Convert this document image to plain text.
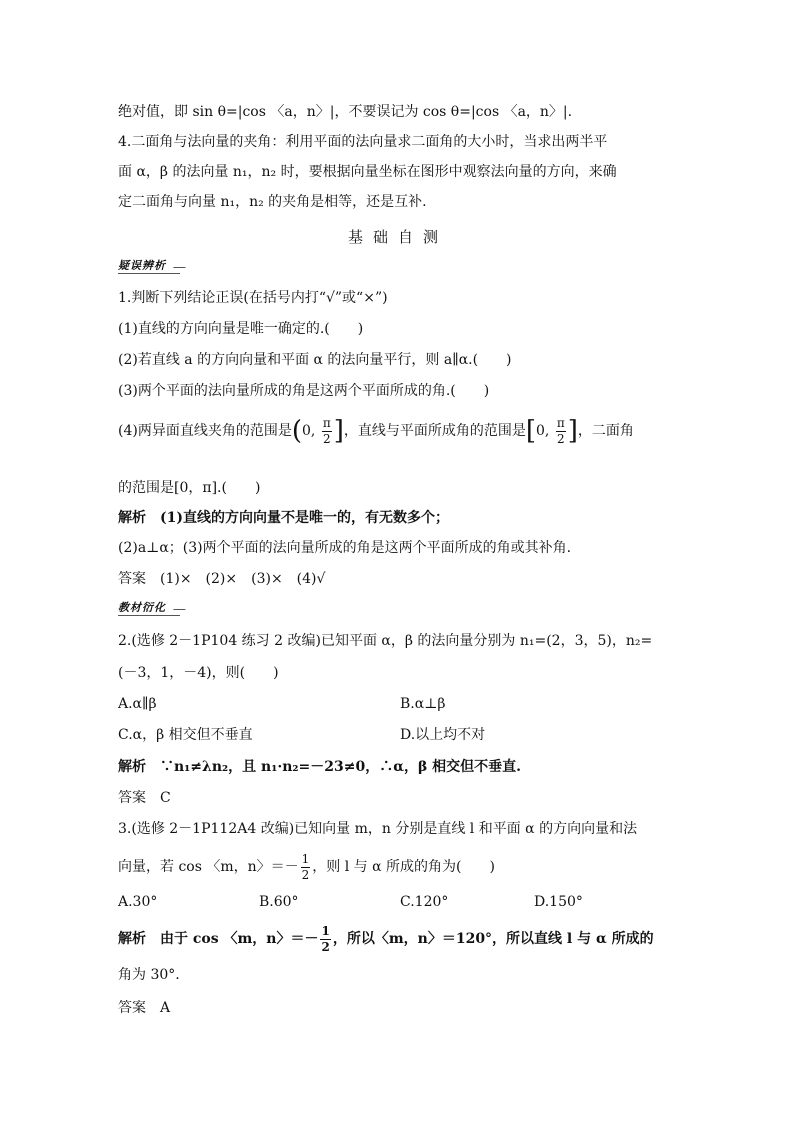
绝对值，即 sin θ=|cos 〈a，n〉|，不要误记为 cos θ=|cos 〈a，n〉|.
4.二面角与法向量的夹角：利用平面的法向量求二面角的大小时，当求出两半平
面 α，β 的法向量 n₁，n₂ 时，要根据向量坐标在图形中观察法向量的方向，来确
定二面角与向量 n₁，n₂ 的夹角是相等，还是互补.
基础自测
疑误辨析
1.判断下列结论正误(在括号内打“√”或“×”)
(1)直线的方向向量是唯一确定的.(　　)
(2)若直线 a 的方向向量和平面 α 的法向量平行，则 a∥α.(　　)
(3)两个平面的法向量所成的角是这两个平面所成的角.(　　)
(4)两异面直线夹角的范围是(0, $\frac{\pi}{2}$ ]，直线与平面所成角的范围是[0, $\frac{\pi}{2}$ ]，二面角
的范围是[0，π].(　　)
解析　(1)直线的方向向量不是唯一的，有无数多个；
(2)a⊥α；(3)两个平面的法向量所成的角是这两个平面所成的角或其补角.
答案　(1)×　(2)×　(3)×　(4)√
教材衍化
2.(选修 2－1P104 练习 2 改编)已知平面 α，β 的法向量分别为 n₁=(2，3，5)，n₂=
(－3，1，－4)，则(　　)
A.α∥β	B.α⊥β
C.α，β 相交但不垂直	D.以上均不对
解析　∵n₁≠λn₂，且 n₁·n₂=－23≠0，∴α，β 相交但不垂直.
答案　C
3.(选修 2－1P112A4 改编)已知向量 m，n 分别是直线 l 和平面 α 的方向向量和法
向量，若 cos 〈m，n〉＝－ $\frac{1}{2}$ ，则 l 与 α 所成的角为(　　)
A.30°	B.60°	C.120°	D.150°
解析　由于 cos 〈m，n〉＝－ $\frac{1}{2}$ ，所以〈m，n〉＝120°，所以直线 l 与 α 所成的
角为 30°.
答案　A
